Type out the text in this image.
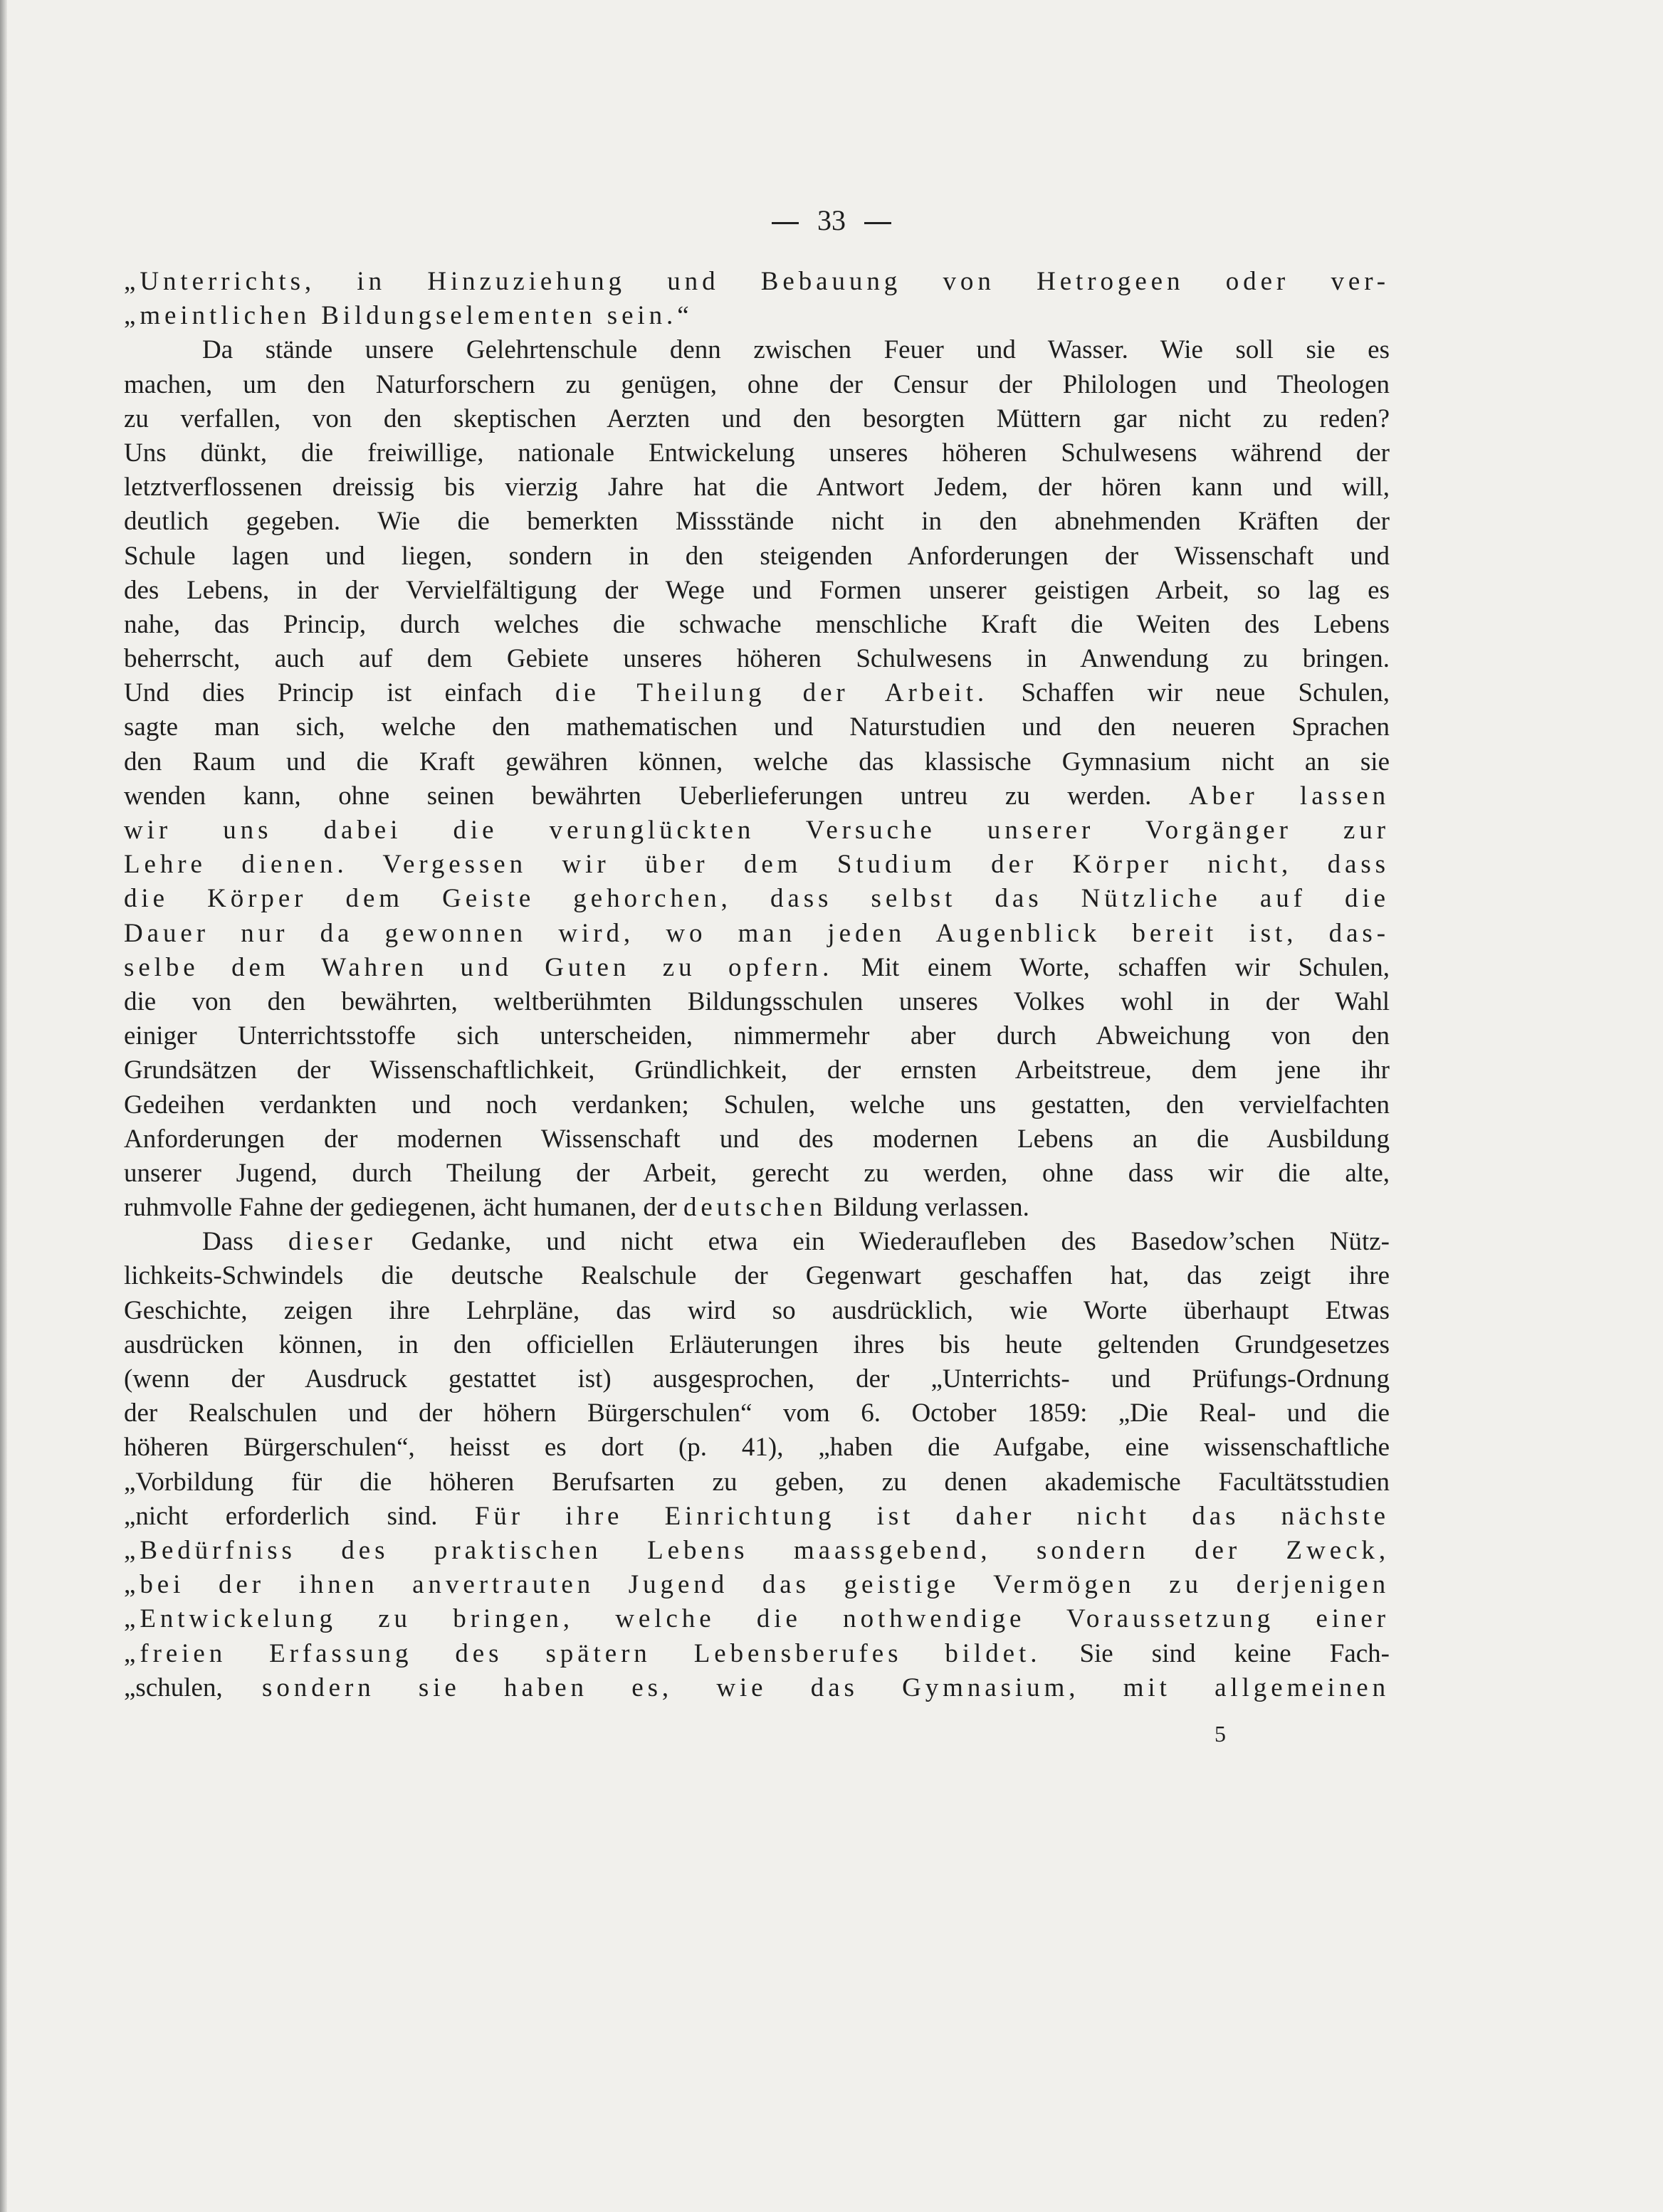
33
„Unterrichts, in Hinzuziehung und Bebauung von Hetrogeen oder ver-
„meintlichen Bildungselementen sein.“
Da stände unsere Gelehrtenschule denn zwischen Feuer und Wasser. Wie soll sie es
machen, um den Naturforschern zu genügen, ohne der Censur der Philologen und Theologen
zu verfallen, von den skeptischen Aerzten und den besorgten Müttern gar nicht zu reden?
Uns dünkt, die freiwillige, nationale Entwickelung unseres höheren Schulwesens während der
letztverflossenen dreissig bis vierzig Jahre hat die Antwort Jedem, der hören kann und will,
deutlich gegeben. Wie die bemerkten Missstände nicht in den abnehmenden Kräften der
Schule lagen und liegen, sondern in den steigenden Anforderungen der Wissenschaft und
des Lebens, in der Vervielfältigung der Wege und Formen unserer geistigen Arbeit, so lag es
nahe, das Princip, durch welches die schwache menschliche Kraft die Weiten des Lebens
beherrscht, auch auf dem Gebiete unseres höheren Schulwesens in Anwendung zu bringen.
Und dies Princip ist einfach die Theilung der Arbeit. Schaffen wir neue Schulen,
sagte man sich, welche den mathematischen und Naturstudien und den neueren Sprachen
den Raum und die Kraft gewähren können, welche das klassische Gymnasium nicht an sie
wenden kann, ohne seinen bewährten Ueberlieferungen untreu zu werden. Aber lassen
wir uns dabei die verunglückten Versuche unserer Vorgänger zur
Lehre dienen. Vergessen wir über dem Studium der Körper nicht, dass
die Körper dem Geiste gehorchen, dass selbst das Nützliche auf die
Dauer nur da gewonnen wird, wo man jeden Augenblick bereit ist, das-
selbe dem Wahren und Guten zu opfern. Mit einem Worte, schaffen wir Schulen,
die von den bewährten, weltberühmten Bildungsschulen unseres Volkes wohl in der Wahl
einiger Unterrichtsstoffe sich unterscheiden, nimmermehr aber durch Abweichung von den
Grundsätzen der Wissenschaftlichkeit, Gründlichkeit, der ernsten Arbeitstreue, dem jene ihr
Gedeihen verdankten und noch verdanken; Schulen, welche uns gestatten, den vervielfachten
Anforderungen der modernen Wissenschaft und des modernen Lebens an die Ausbildung
unserer Jugend, durch Theilung der Arbeit, gerecht zu werden, ohne dass wir die alte,
ruhmvolle Fahne der gediegenen, ächt humanen, der deutschen Bildung verlassen.
Dass dieser Gedanke, und nicht etwa ein Wiederaufleben des Basedow’schen Nütz-
lichkeits-Schwindels die deutsche Realschule der Gegenwart geschaffen hat, das zeigt ihre
Geschichte, zeigen ihre Lehrpläne, das wird so ausdrücklich, wie Worte überhaupt Etwas
ausdrücken können, in den officiellen Erläuterungen ihres bis heute geltenden Grundgesetzes
(wenn der Ausdruck gestattet ist) ausgesprochen, der „Unterrichts- und Prüfungs-Ordnung
der Realschulen und der höhern Bürgerschulen“ vom 6. October 1859: „Die Real- und die
höheren Bürgerschulen“, heisst es dort (p. 41), „haben die Aufgabe, eine wissenschaftliche
„Vorbildung für die höheren Berufsarten zu geben, zu denen akademische Facultätsstudien
„nicht erforderlich sind. Für ihre Einrichtung ist daher nicht das nächste
„Bedürfniss des praktischen Lebens maassgebend, sondern der Zweck,
„bei der ihnen anvertrauten Jugend das geistige Vermögen zu derjenigen
„Entwickelung zu bringen, welche die nothwendige Voraussetzung einer
„freien Erfassung des spätern Lebensberufes bildet. Sie sind keine Fach-
„schulen, sondern sie haben es, wie das Gymnasium, mit allgemeinen
5
